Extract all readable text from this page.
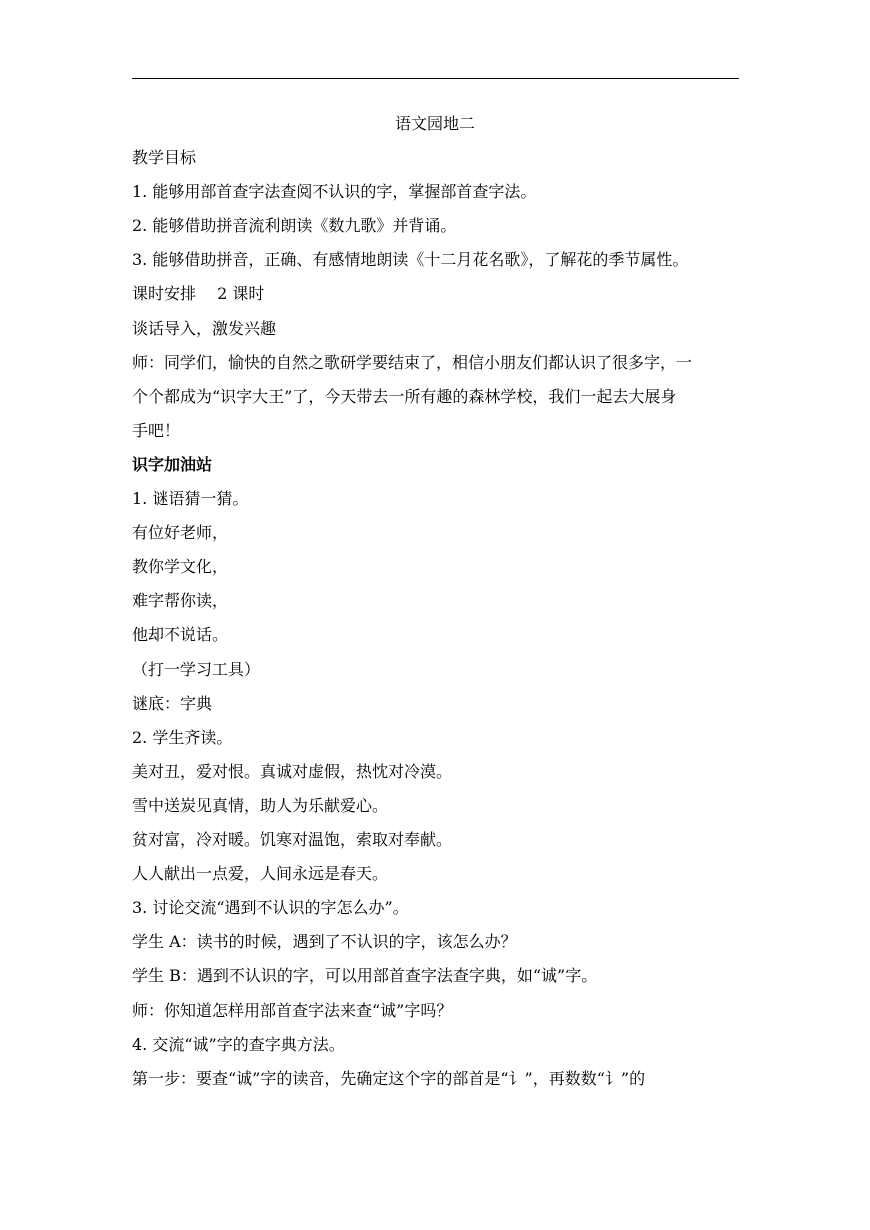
语文园地二
教学目标
1. 能够用部首查字法查阅不认识的字，掌握部首查字法。
2. 能够借助拼音流利朗读《数九歌》并背诵。
3. 能够借助拼音，正确、有感情地朗读《十二月花名歌》，了解花的季节属性。
课时安排　 2 课时
谈话导入，激发兴趣
师：同学们，愉快的自然之歌研学要结束了，相信小朋友们都认识了很多字，一
个个都成为“识字大王”了，今天带去一所有趣的森林学校，我们一起去大展身
手吧！
识字加油站
1. 谜语猜一猜。
有位好老师，
教你学文化，
难字帮你读，
他却不说话。
（打一学习工具）
谜底：字典
2. 学生齐读。
美对丑，爱对恨。真诚对虚假，热忱对冷漠。
雪中送炭见真情，助人为乐献爱心。
贫对富，冷对暖。饥寒对温饱，索取对奉献。
人人献出一点爱，人间永远是春天。
3. 讨论交流“遇到不认识的字怎么办”。
学生 A：读书的时候，遇到了不认识的字，该怎么办？
学生 B：遇到不认识的字，可以用部首查字法查字典，如“诚”字。
师：你知道怎样用部首查字法来查“诚”字吗？
4. 交流“诚”字的查字典方法。
第一步：要查“诚”字的读音，先确定这个字的部首是“讠”，再数数“讠”的
